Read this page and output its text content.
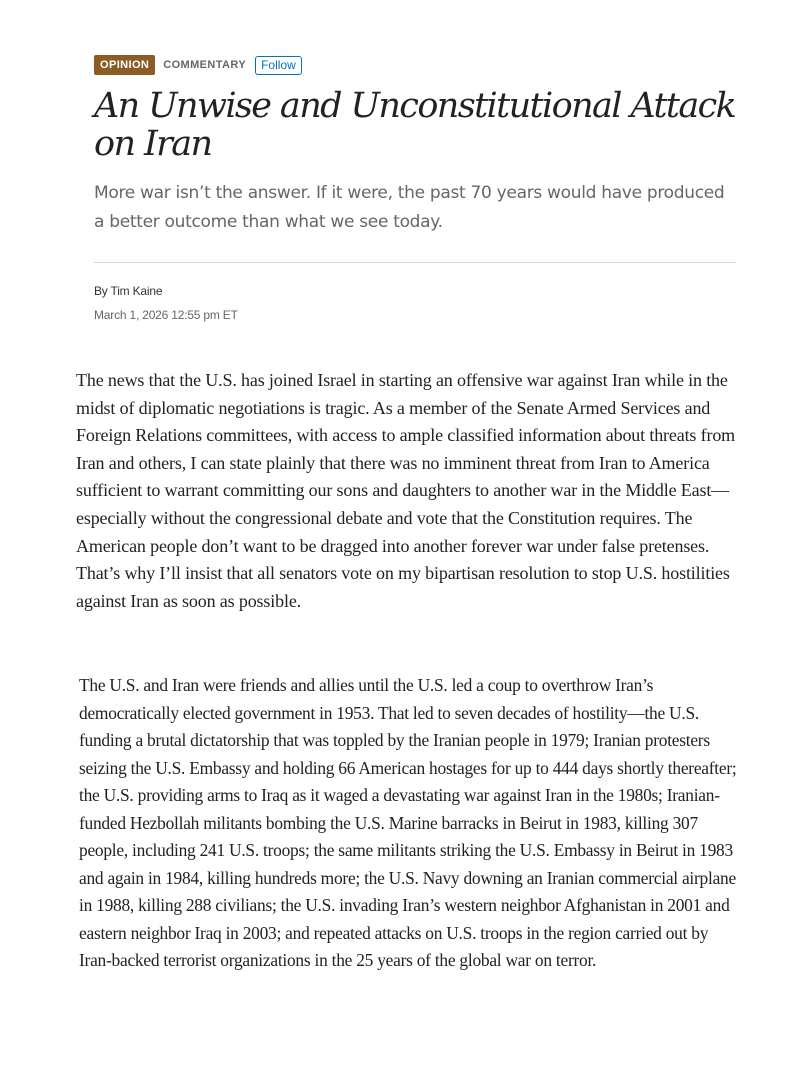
OPINION	COMMENTARY	Follow
An Unwise and Unconstitutional Attack on Iran

More war isn’t the answer. If it were, the past 70 years would have produced a better outcome than what we see today.

By Tim Kaine
March 1, 2026 12:55 pm ET

The news that the U.S. has joined Israel in starting an offensive war against Iran while in the midst of diplomatic negotiations is tragic. As a member of the Senate Armed Services and Foreign Relations committees, with access to ample classified information about threats from Iran and others, I can state plainly that there was no imminent threat from Iran to America sufficient to warrant committing our sons and daughters to another war in the Middle East—especially without the congressional debate and vote that the Constitution requires. The American people don’t want to be dragged into another forever war under false pretenses. That’s why I’ll insist that all senators vote on my bipartisan resolution to stop U.S. hostilities against Iran as soon as possible.

The U.S. and Iran were friends and allies until the U.S. led a coup to overthrow Iran’s democratically elected government in 1953. That led to seven decades of hostility—the U.S. funding a brutal dictatorship that was toppled by the Iranian people in 1979; Iranian protesters seizing the U.S. Embassy and holding 66 American hostages for up to 444 days shortly thereafter; the U.S. providing arms to Iraq as it waged a devastating war against Iran in the 1980s; Iranian-funded Hezbollah militants bombing the U.S. Marine barracks in Beirut in 1983, killing 307 people, including 241 U.S. troops; the same militants striking the U.S. Embassy in Beirut in 1983 and again in 1984, killing hundreds more; the U.S. Navy downing an Iranian commercial airplane in 1988, killing 288 civilians; the U.S. invading Iran’s western neighbor Afghanistan in 2001 and eastern neighbor Iraq in 2003; and repeated attacks on U.S. troops in the region carried out by Iran-backed terrorist organizations in the 25 years of the global war on terror.
